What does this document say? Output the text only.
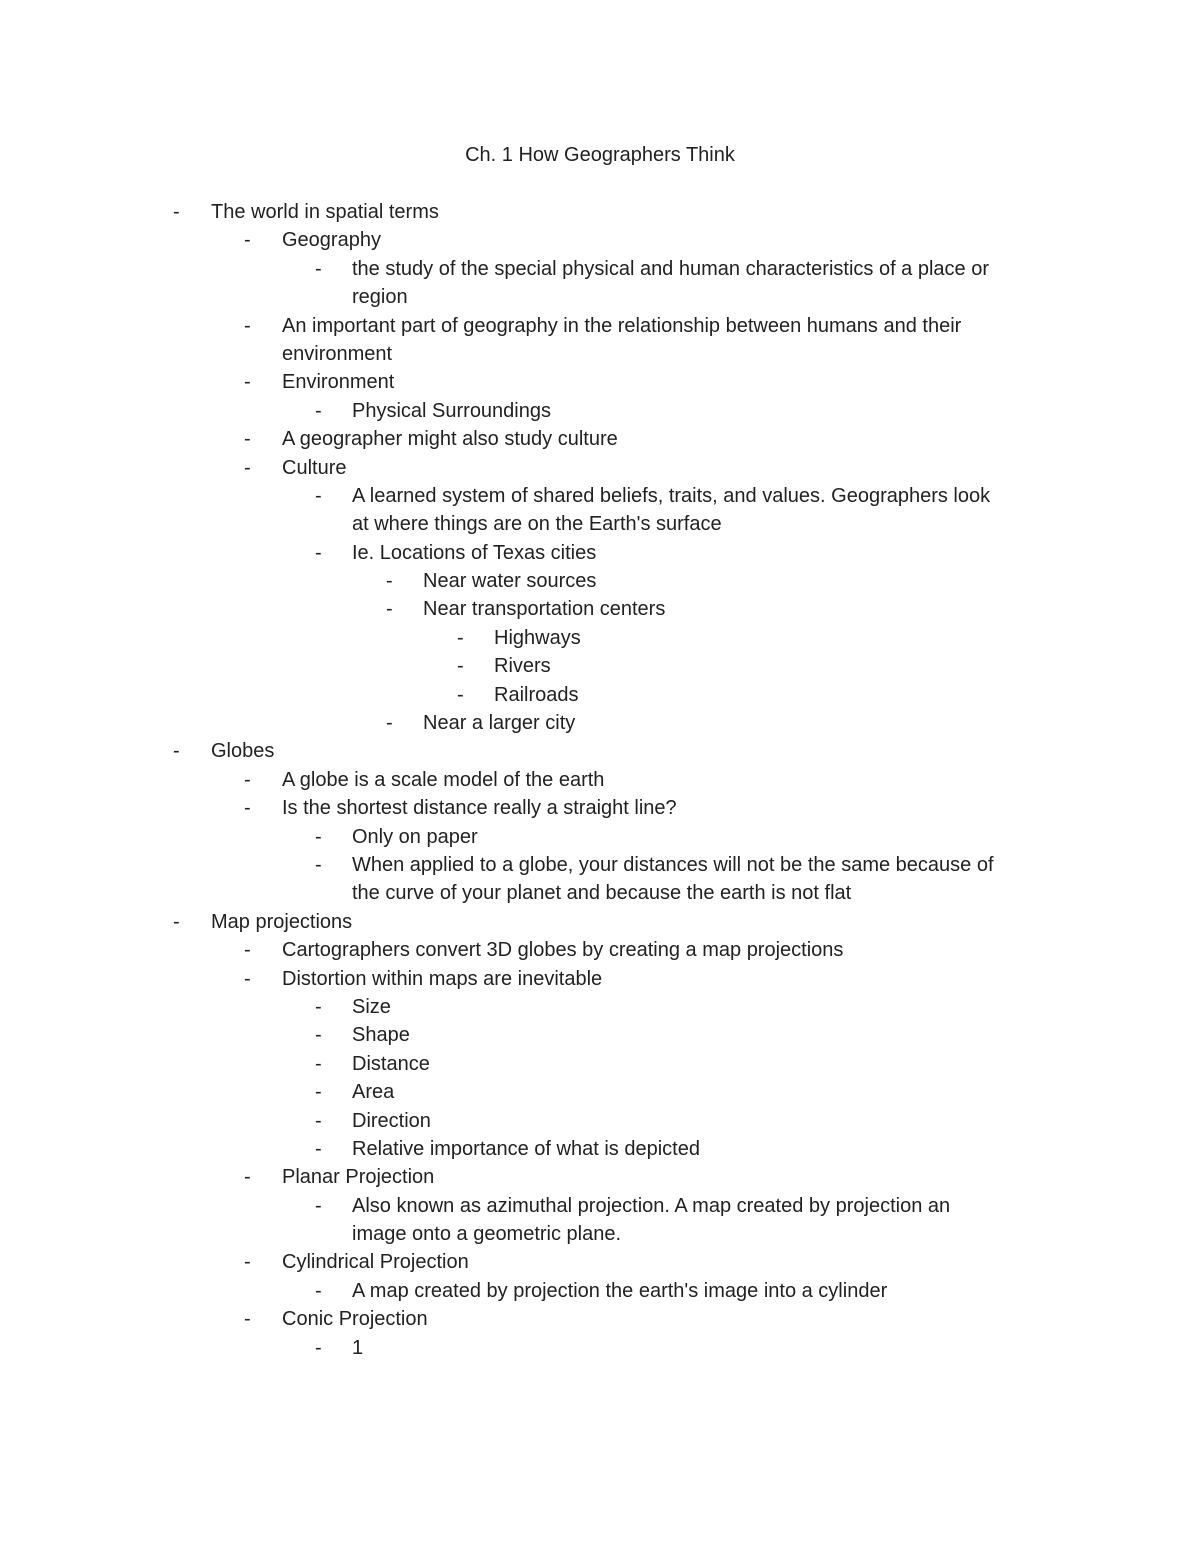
Ch. 1 How Geographers Think
- The world in spatial terms
- Geography
- the study of the special physical and human characteristics of a place or
region
- An important part of geography in the relationship between humans and their
environment
- Environment
- Physical Surroundings
- A geographer might also study culture
- Culture
- A learned system of shared beliefs, traits, and values. Geographers look
at where things are on the Earth's surface
- Ie. Locations of Texas cities
- Near water sources
- Near transportation centers
- Highways
- Rivers
- Railroads
- Near a larger city
- Globes
- A globe is a scale model of the earth
- Is the shortest distance really a straight line?
- Only on paper
- When applied to a globe, your distances will not be the same because of
the curve of your planet and because the earth is not flat
- Map projections
- Cartographers convert 3D globes by creating a map projections
- Distortion within maps are inevitable
- Size
- Shape
- Distance
- Area
- Direction
- Relative importance of what is depicted
- Planar Projection
- Also known as azimuthal projection. A map created by projection an
image onto a geometric plane.
- Cylindrical Projection
- A map created by projection the earth's image into a cylinder
- Conic Projection
- 1
